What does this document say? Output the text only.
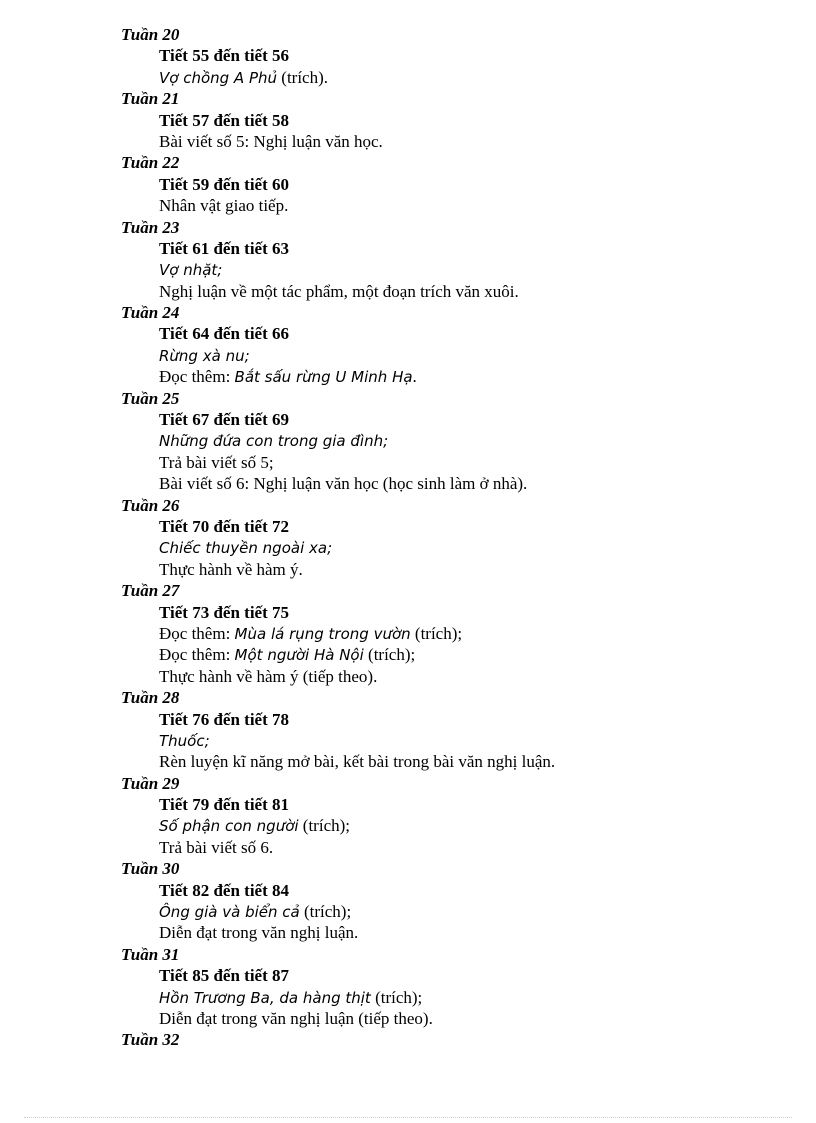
Tuần 20
Tiết 55 đến tiết 56
Vợ chồng A Phủ (trích).
Tuần 21
Tiết 57 đến tiết 58
Bài viết số 5: Nghị luận văn học.
Tuần 22
Tiết 59 đến tiết 60
Nhân vật giao tiếp.
Tuần 23
Tiết 61 đến tiết 63
Vợ nhặt;
Nghị luận về một tác phẩm, một đoạn trích văn xuôi.
Tuần 24
Tiết 64 đến tiết 66
Rừng xà nu;
Đọc thêm: Bắt sấu rừng U Minh Hạ.
Tuần 25
Tiết 67 đến tiết 69
Những đứa con trong gia đình;
Trả bài viết số 5;
Bài viết số 6: Nghị luận văn học (học sinh làm ở nhà).
Tuần 26
Tiết 70 đến tiết 72
Chiếc thuyền ngoài xa;
Thực hành về hàm ý.
Tuần 27
Tiết 73 đến tiết 75
Đọc thêm: Mùa lá rụng trong vườn (trích);
Đọc thêm: Một người Hà Nội (trích);
Thực hành về hàm ý (tiếp theo).
Tuần 28
Tiết 76 đến tiết 78
Thuốc;
Rèn luyện kĩ năng mở bài, kết bài trong bài văn nghị luận.
Tuần 29
Tiết 79 đến tiết 81
Số phận con người (trích);
Trả bài viết số 6.
Tuần 30
Tiết 82 đến tiết 84
Ông già và biển cả (trích);
Diễn đạt trong văn nghị luận.
Tuần 31
Tiết 85 đến tiết 87
Hồn Trương Ba, da hàng thịt (trích);
Diễn đạt trong văn nghị luận (tiếp theo).
Tuần 32
